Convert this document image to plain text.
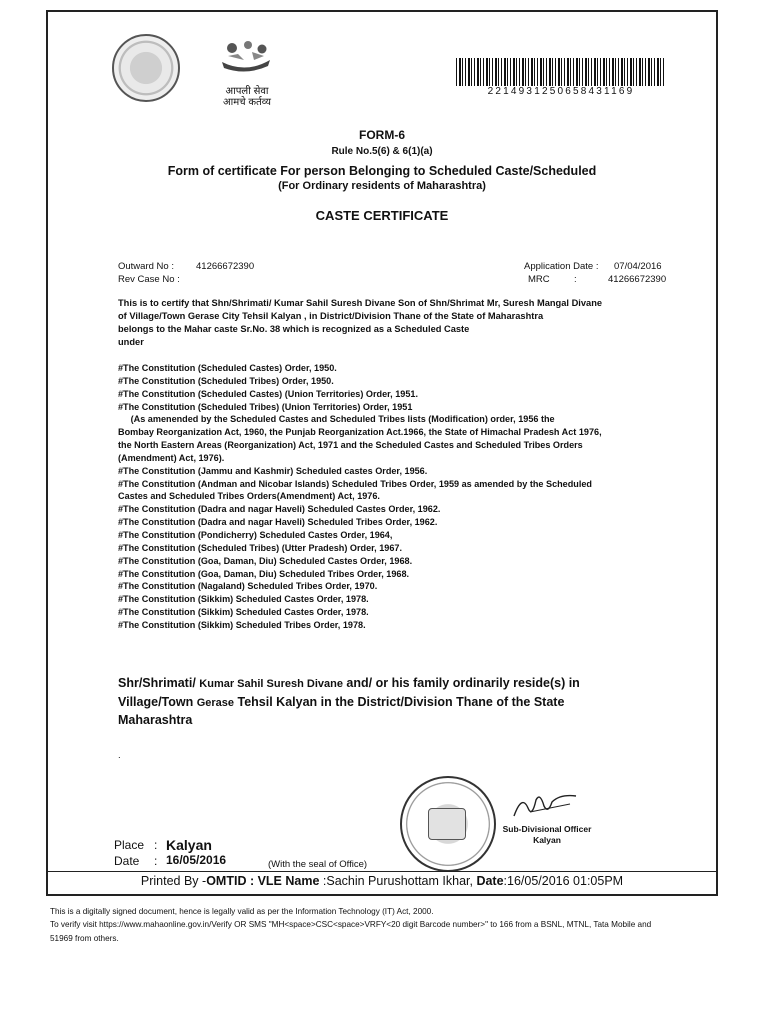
आपली सेवा
आमचे कर्तव्य
2214931250658431169
FORM-6
Rule No.5(6) & 6(1)(a)
Form of certificate For person Belonging to Scheduled Caste/Scheduled
(For Ordinary residents of Maharashtra)
CASTE CERTIFICATE
Outward No : 41266672390
Rev Case No :
Application Date : 07/04/2016
MRC	:	41266672390
This is to certify that Shn/Shrimati/ Kumar Sahil Suresh Divane Son of Shn/Shrimat Mr, Suresh Mangal Divane
of Village/Town Gerase City Tehsil Kalyan , in District/Division Thane of the State of Maharashtra
belongs to the Mahar caste Sr.No. 38 which is recognized as a Scheduled Caste
under
#The Constitution (Scheduled Castes) Order, 1950.
#The Constitution (Scheduled Tribes) Order, 1950.
#The Constitution (Scheduled Castes) (Union Territories) Order, 1951.
#The Constitution (Scheduled Tribes) (Union Territories) Order, 1951
(As amenended by the Scheduled Castes and Scheduled Tribes lists (Modification) order, 1956 the
Bombay Reorganization Act, 1960, the Punjab Reorganization Act.1966, the State of Himachal Pradesh Act 1976,
the North Eastern Areas (Reorganization) Act, 1971 and the Scheduled Castes and Scheduled Tribes Orders
(Amendment) Act, 1976).
#The Constitution (Jammu and Kashmir) Scheduled castes Order, 1956.
#The Constitution (Andman and Nicobar Islands) Scheduled Tribes Order, 1959 as amended by the Scheduled
Castes and Scheduled Tribes Orders(Amendment) Act, 1976.
#The Constitution (Dadra and nagar Haveli) Scheduled Castes Order, 1962.
#The Constitution (Dadra and nagar Haveli) Scheduled Tribes Order, 1962.
#The Constitution (Pondicherry) Scheduled Castes Order, 1964,
#The Constitution (Scheduled Tribes) (Utter Pradesh) Order, 1967.
#The Constitution (Goa, Daman, Diu) Scheduled Castes Order, 1968.
#The Constitution (Goa, Daman, Diu) Scheduled Tribes Order, 1968.
#The Constitution (Nagaland) Scheduled Tribes Order, 1970.
#The Constitution (Sikkim) Scheduled Castes Order, 1978.
#The Constitution (Sikkim) Scheduled Castes Order, 1978.
#The Constitution (Sikkim) Scheduled Tribes Order, 1978.
Shr/Shrimati/ Kumar Sahil Suresh Divane and/ or his family ordinarily reside(s) in
Village/Town Gerase Tehsil Kalyan in the District/Division Thane of the State
Maharashtra
.
Sub-Divisional Officer
Kalyan
Place : Kalyan
Date : 16/05/2016	(With the seal of Office)
Printed By -OMTID : VLE Name :Sachin Purushottam Ikhar, Date:16/05/2016 01:05PM
This is a digitally signed document, hence is legally valid as per the Information Technology (IT) Act, 2000.
To verify visit https://www.mahaonline.gov.in/Verify OR SMS "MH<space>CSC<space>VRFY<20 digit Barcode number>" to 166 from a BSNL, MTNL, Tata Mobile and
51969 from others.
